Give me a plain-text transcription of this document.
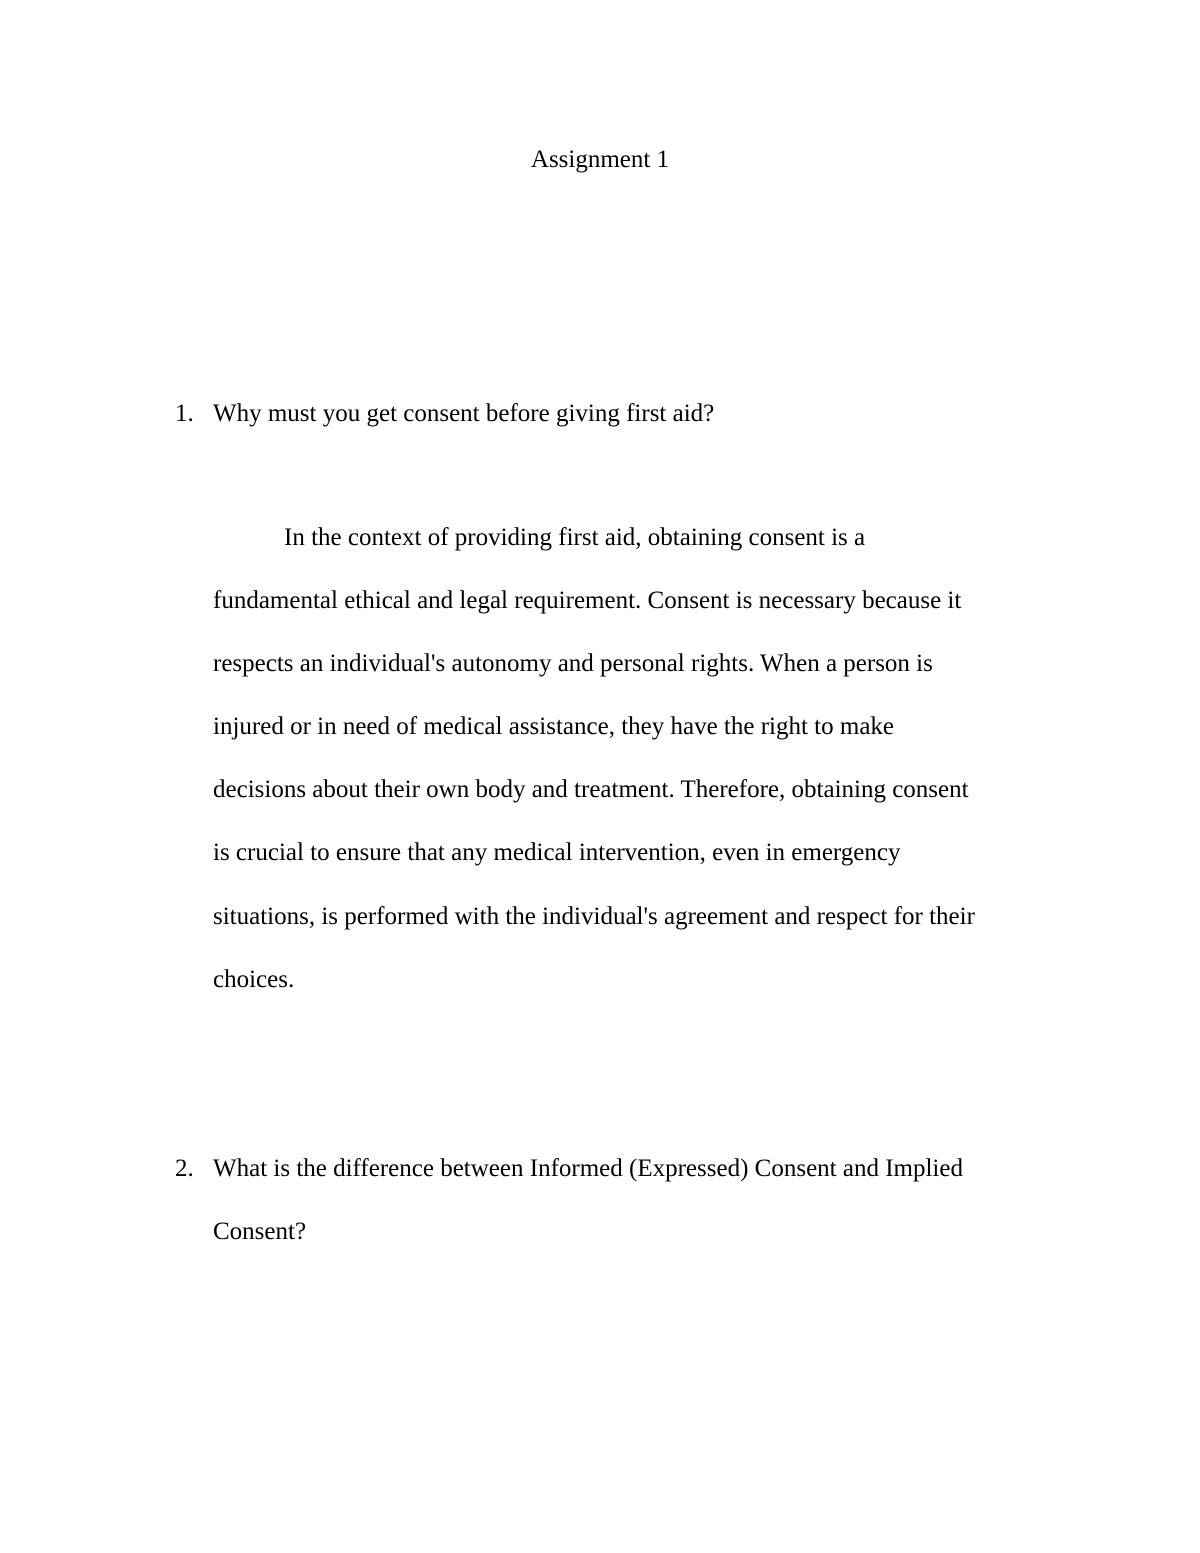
Assignment 1
1. Why must you get consent before giving first aid?
In the context of providing first aid, obtaining consent is a
fundamental ethical and legal requirement. Consent is necessary because it
respects an individual's autonomy and personal rights. When a person is
injured or in need of medical assistance, they have the right to make
decisions about their own body and treatment. Therefore, obtaining consent
is crucial to ensure that any medical intervention, even in emergency
situations, is performed with the individual's agreement and respect for their
choices.
2. What is the difference between Informed (Expressed) Consent and Implied
Consent?
